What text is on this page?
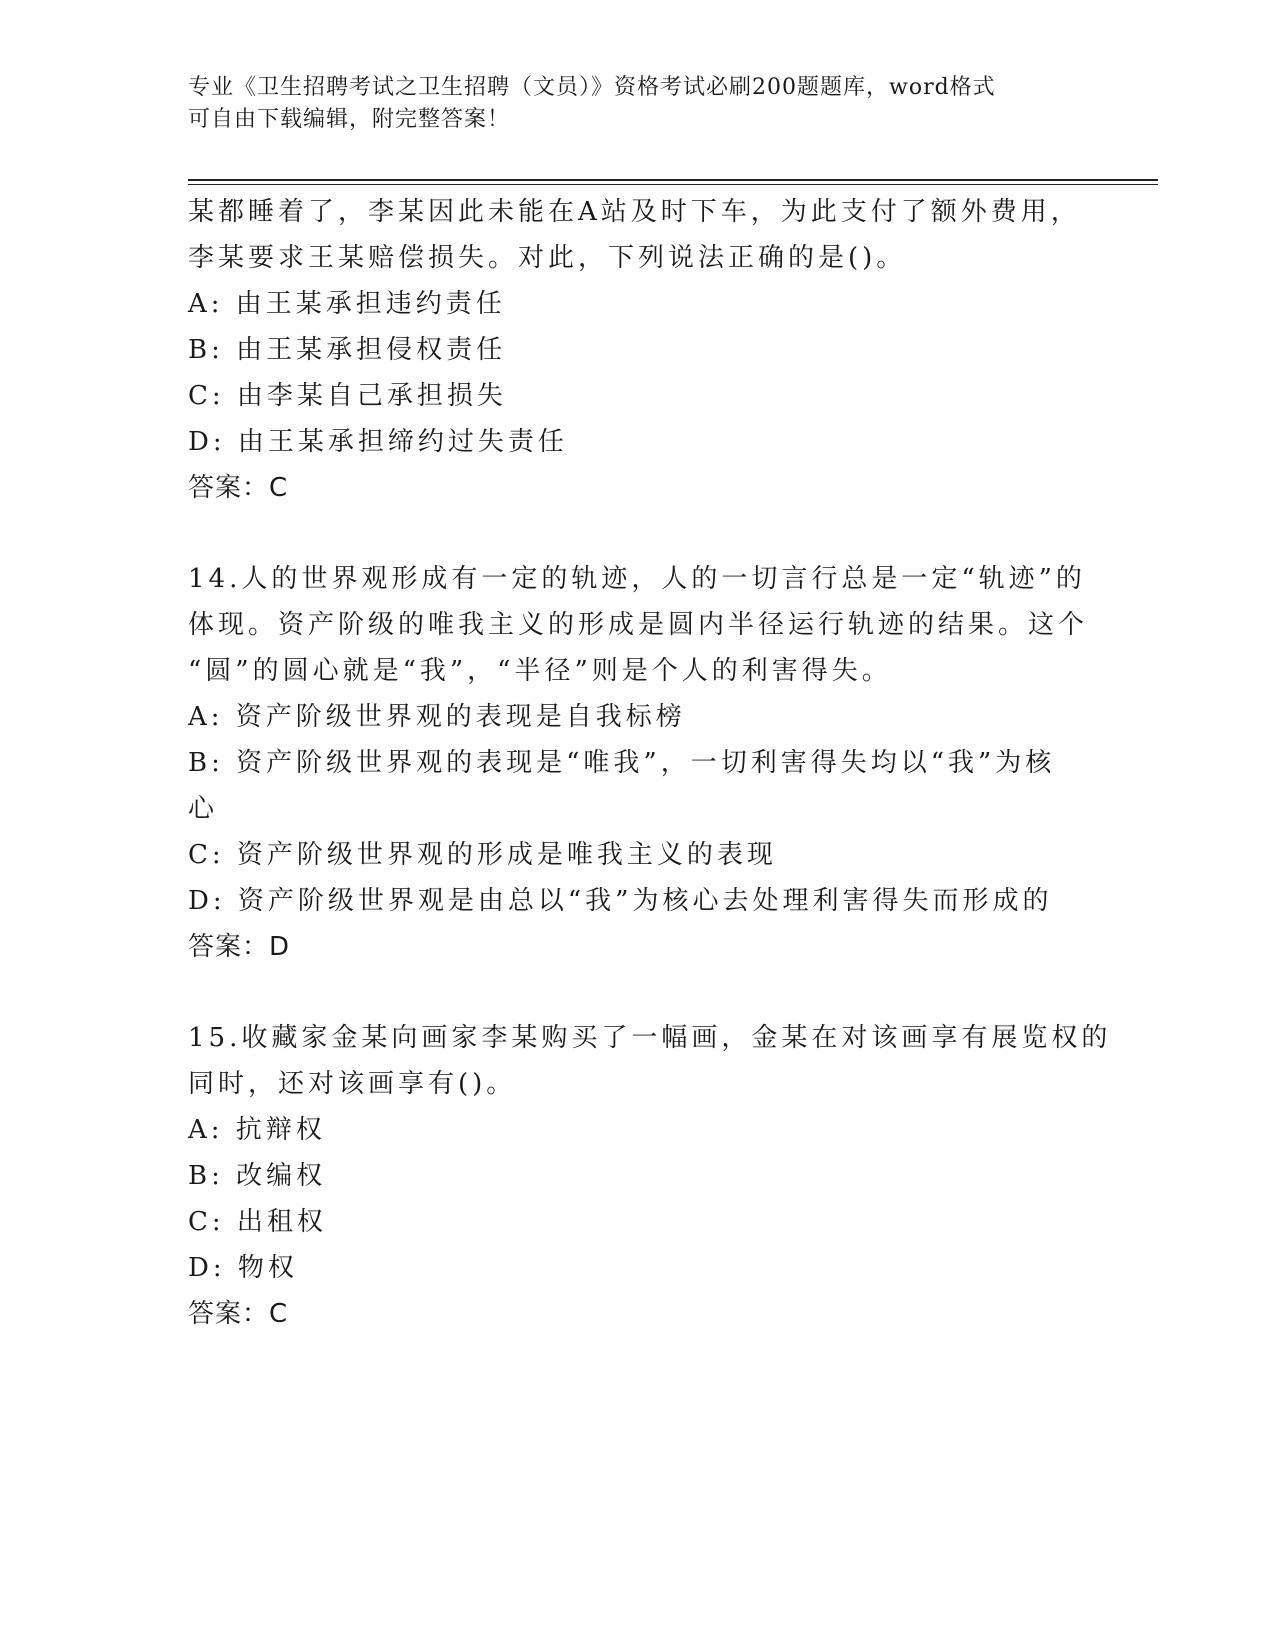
专业《卫生招聘考试之卫生招聘（文员）》资格考试必刷200题题库，word格式
可自由下载编辑，附完整答案！
某都睡着了，李某因此未能在A站及时下车，为此支付了额外费用，
李某要求王某赔偿损失。对此，下列说法正确的是()。
A: 由王某承担违约责任
B: 由王某承担侵权责任
C: 由李某自己承担损失
D: 由王某承担缔约过失责任
答案：C
14.人的世界观形成有一定的轨迹，人的一切言行总是一定“轨迹”的
体现。资产阶级的唯我主义的形成是圆内半径运行轨迹的结果。这个
“圆”的圆心就是“我”，“半径”则是个人的利害得失。
A: 资产阶级世界观的表现是自我标榜
B: 资产阶级世界观的表现是“唯我”，一切利害得失均以“我”为核
心
C: 资产阶级世界观的形成是唯我主义的表现
D: 资产阶级世界观是由总以“我”为核心去处理利害得失而形成的
答案：D
15.收藏家金某向画家李某购买了一幅画，金某在对该画享有展览权的
同时，还对该画享有()。
A: 抗辩权
B: 改编权
C: 出租权
D: 物权
答案：C
